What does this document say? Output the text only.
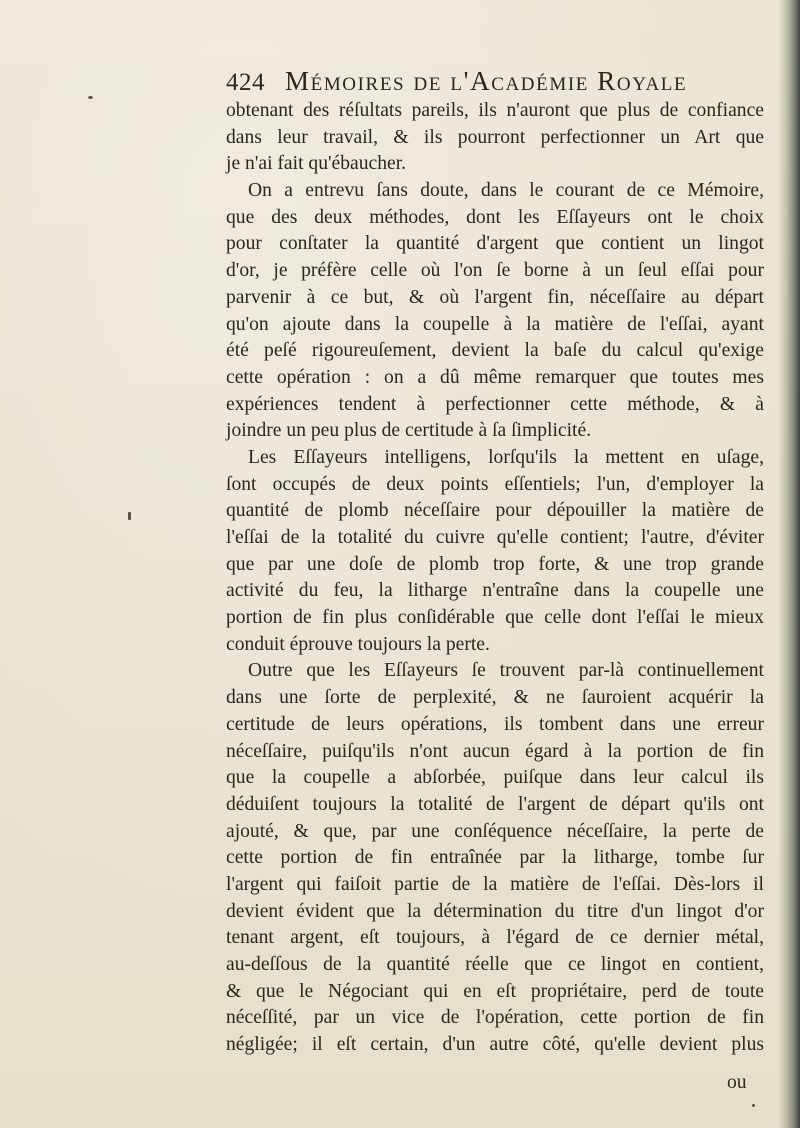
424 Mémoires de l'Académie Royale
obtenant des réſultats pareils, ils n'auront que plus de confiance
dans leur travail, & ils pourront perfectionner un Art que
je n'ai fait qu'ébaucher.
On a entrevu ſans doute, dans le courant de ce Mémoire,
que des deux méthodes, dont les Eſſayeurs ont le choix
pour conſtater la quantité d'argent que contient un lingot
d'or, je préfère celle où l'on ſe borne à un ſeul eſſai pour
parvenir à ce but, & où l'argent fin, néceſſaire au départ
qu'on ajoute dans la coupelle à la matière de l'eſſai, ayant
été peſé rigoureuſement, devient la baſe du calcul qu'exige
cette opération : on a dû même remarquer que toutes mes
expériences tendent à perfectionner cette méthode, & à
joindre un peu plus de certitude à ſa ſimplicité.
Les Eſſayeurs intelligens, lorſqu'ils la mettent en uſage,
ſont occupés de deux points eſſentiels; l'un, d'employer la
quantité de plomb néceſſaire pour dépouiller la matière de
l'eſſai de la totalité du cuivre qu'elle contient; l'autre, d'éviter
que par une doſe de plomb trop forte, & une trop grande
activité du feu, la litharge n'entraîne dans la coupelle une
portion de fin plus conſidérable que celle dont l'eſſai le mieux
conduit éprouve toujours la perte.
Outre que les Eſſayeurs ſe trouvent par-là continuellement
dans une ſorte de perplexité, & ne ſauroient acquérir la
certitude de leurs opérations, ils tombent dans une erreur
néceſſaire, puiſqu'ils n'ont aucun égard à la portion de fin
que la coupelle a abſorbée, puiſque dans leur calcul ils
déduiſent toujours la totalité de l'argent de départ qu'ils ont
ajouté, & que, par une conſéquence néceſſaire, la perte de
cette portion de fin entraînée par la litharge, tombe ſur
l'argent qui faiſoit partie de la matière de l'eſſai. Dès-lors il
devient évident que la détermination du titre d'un lingot d'or
tenant argent, eſt toujours, à l'égard de ce dernier métal,
au-deſſous de la quantité réelle que ce lingot en contient,
& que le Négociant qui en eſt propriétaire, perd de toute
néceſſité, par un vice de l'opération, cette portion de fin
négligée; il eſt certain, d'un autre côté, qu'elle devient plus
ou
